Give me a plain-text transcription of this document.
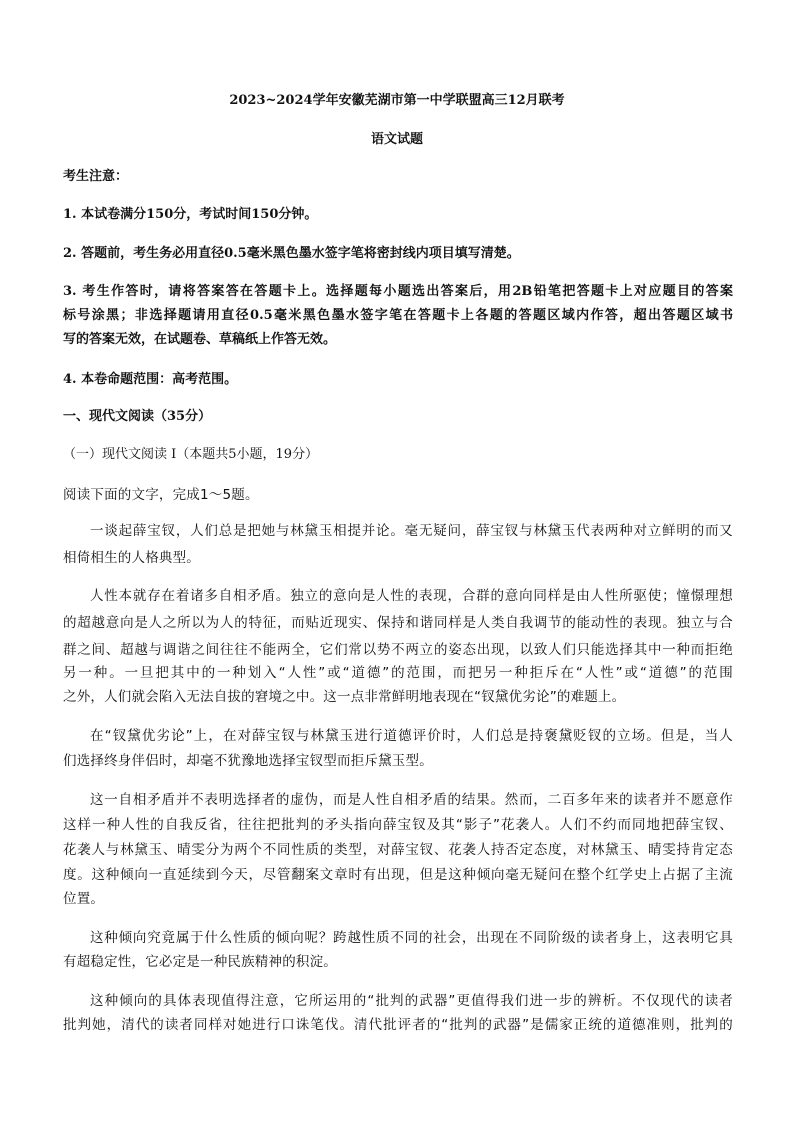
2023~2024学年安徽芜湖市第一中学联盟高三12月联考
语文试题
考生注意：
1. 本试卷满分150分，考试时间150分钟。
2. 答题前，考生务必用直径0.5毫米黑色墨水签字笔将密封线内项目填写清楚。
3. 考生作答时，请将答案答在答题卡上。选择题每小题选出答案后，用2B铅笔把答题卡上对应题目的答案
标号涂黑；非选择题请用直径0.5毫米黑色墨水签字笔在答题卡上各题的答题区域内作答，超出答题区域书
写的答案无效，在试题卷、草稿纸上作答无效。
4. 本卷命题范围：高考范围。
一、现代文阅读（35分）
（一）现代文阅读 I（本题共5小题，19分）
阅读下面的文字，完成1～5题。
一谈起薛宝钗，人们总是把她与林黛玉相提并论。毫无疑问，薛宝钗与林黛玉代表两种对立鲜明的而又
相倚相生的人格典型。
人性本就存在着诸多自相矛盾。独立的意向是人性的表现，合群的意向同样是由人性所驱使；憧憬理想
的超越意向是人之所以为人的特征，而贴近现实、保持和谐同样是人类自我调节的能动性的表现。独立与合
群之间、超越与调谐之间往往不能两全，它们常以势不两立的姿态出现，以致人们只能选择其中一种而拒绝
另一种。一旦把其中的一种划入“人性”或“道德”的范围，而把另一种拒斥在“人性”或“道德”的范围
之外，人们就会陷入无法自拔的窘境之中。这一点非常鲜明地表现在“钗黛优劣论”的难题上。
在“钗黛优劣论”上，在对薛宝钗与林黛玉进行道德评价时，人们总是持褒黛贬钗的立场。但是，当人
们选择终身伴侣时，却毫不犹豫地选择宝钗型而拒斥黛玉型。
这一自相矛盾并不表明选择者的虚伪，而是人性自相矛盾的结果。然而，二百多年来的读者并不愿意作
这样一种人性的自我反省，往往把批判的矛头指向薛宝钗及其“影子”花袭人。人们不约而同地把薛宝钗、
花袭人与林黛玉、晴雯分为两个不同性质的类型，对薛宝钗、花袭人持否定态度，对林黛玉、晴雯持肯定态
度。这种倾向一直延续到今天，尽管翻案文章时有出现，但是这种倾向毫无疑问在整个红学史上占据了主流
位置。
这种倾向究竟属于什么性质的倾向呢？跨越性质不同的社会，出现在不同阶级的读者身上，这表明它具
有超稳定性，它必定是一种民族精神的积淀。
这种倾向的具体表现值得注意，它所运用的“批判的武器”更值得我们进一步的辨析。不仅现代的读者
批判她，清代的读者同样对她进行口诛笔伐。清代批评者的“批判的武器”是儒家正统的道德准则，批判的
